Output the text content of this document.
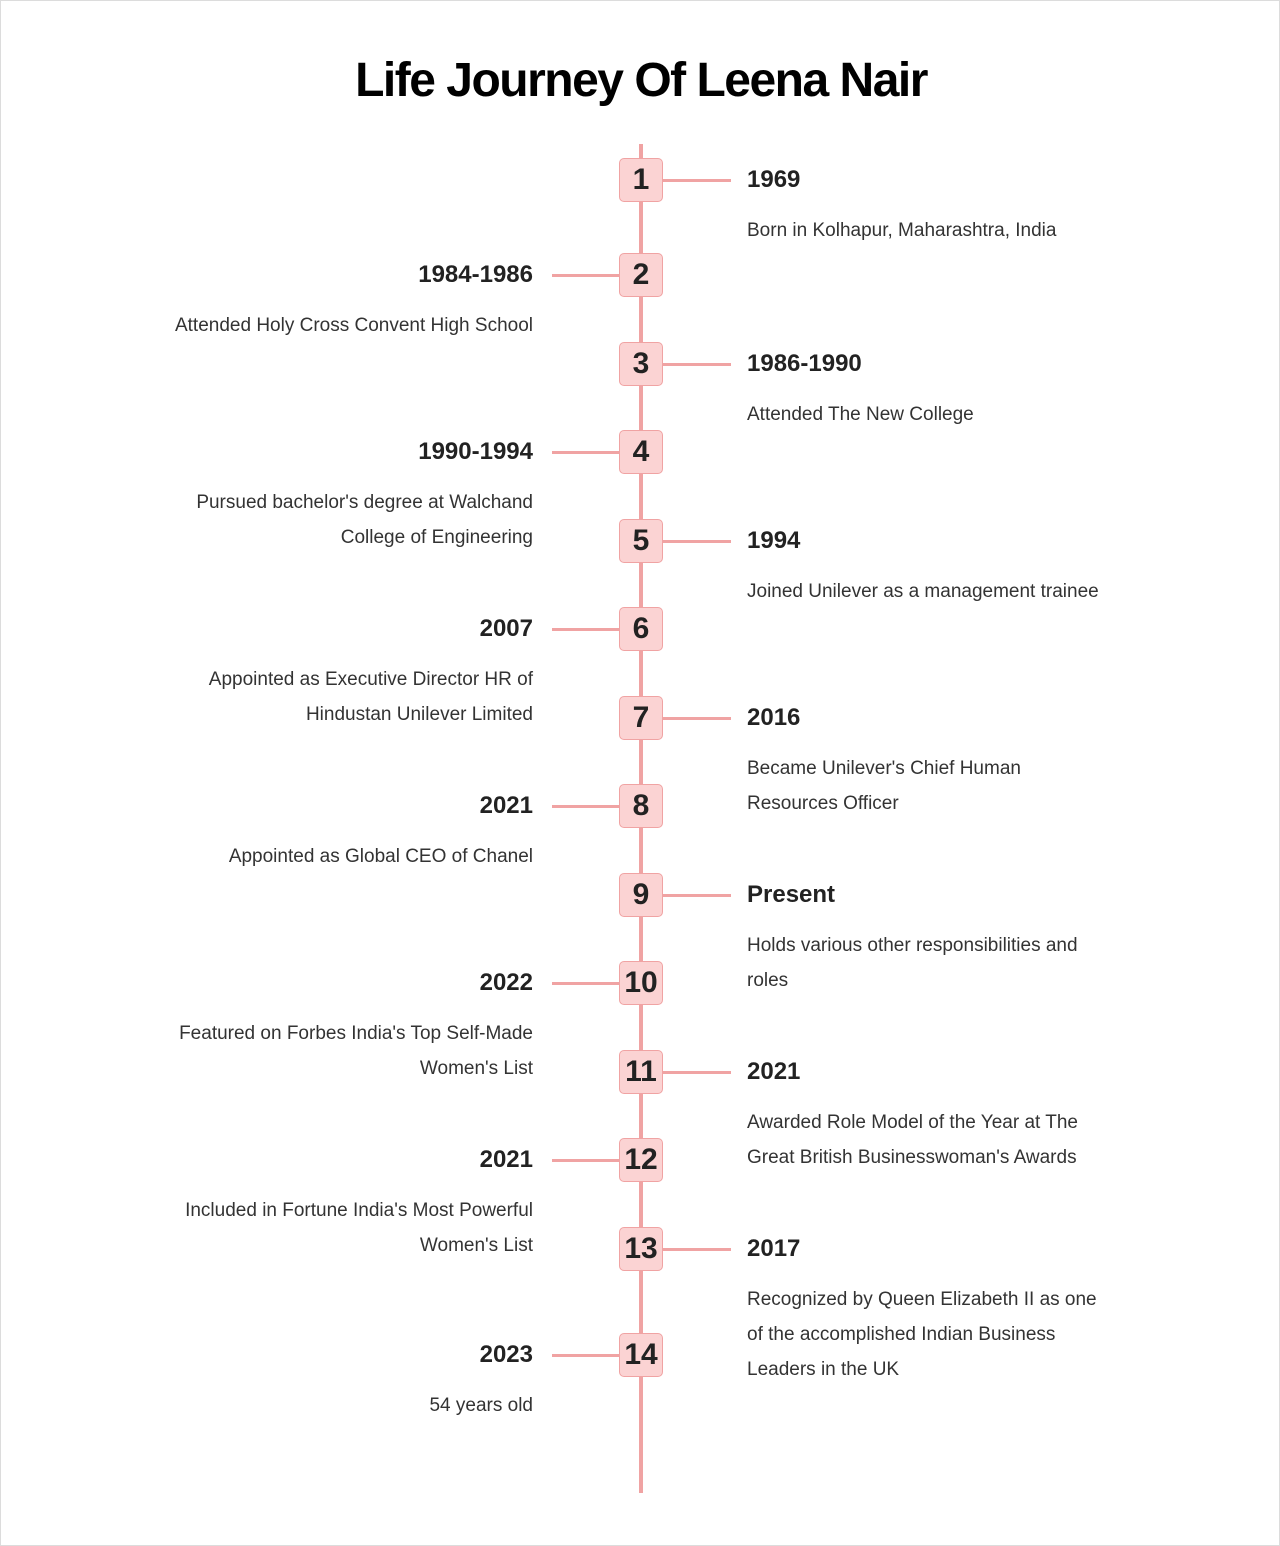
Life Journey Of Leena Nair
1	1969
Born in Kolhapur, Maharashtra, India
2
1984-1986
Attended Holy Cross Convent High School
3	1986-1990
Attended The New College
4
1990-1994
Pursued bachelor's degree at Walchand College of Engineering	5	1994
Joined Unilever as a management trainee
6
2007
Appointed as Executive Director HR of Hindustan Unilever Limited	7	2016
Became Unilever's Chief Human Resources Officer
8
2021
Appointed as Global CEO of Chanel
9	Present
Holds various other responsibilities and roles
10
2022
Featured on Forbes India's Top Self-Made Women's List	11	2021
Awarded Role Model of the Year at The Great British Businesswoman's Awards
12
2021
Included in Fortune India's Most Powerful Women's List	13	2017
Recognized by Queen Elizabeth II as one of the accomplished Indian Business Leaders in the UK
14
2023
54 years old
